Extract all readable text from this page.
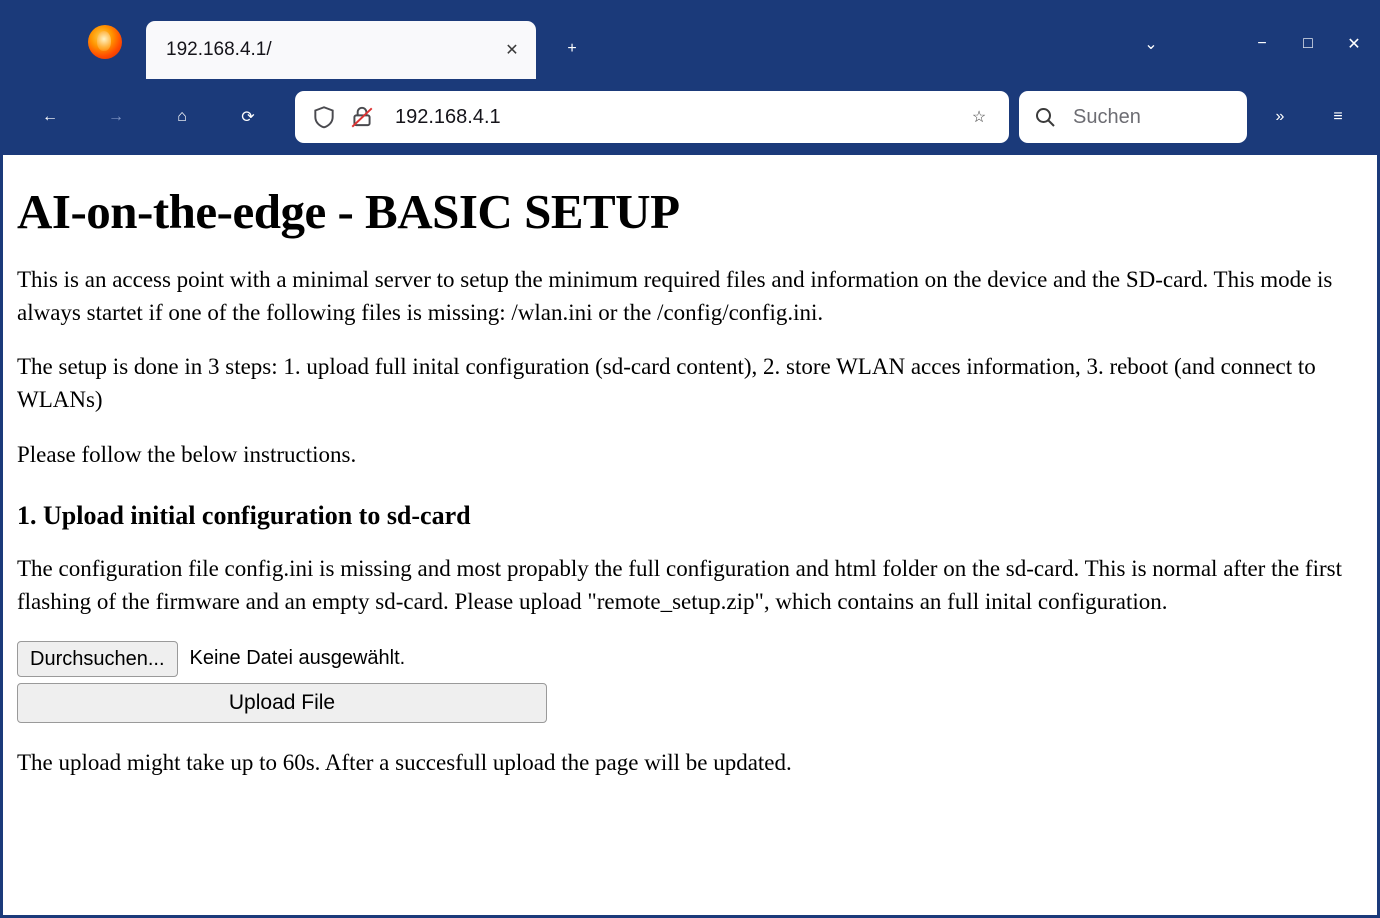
192.168.4.1/	✕	+	⌄	−	□	✕
←	→	⌂	⟳	192.168.4.1	☆	Suchen	»	≡
AI-on-the-edge - BASIC SETUP

This is an access point with a minimal server to setup the minimum required files and information on the device and the SD-card. This mode is always startet if one of the following files is missing: /wlan.ini or the /config/config.ini.

The setup is done in 3 steps: 1. upload full inital configuration (sd-card content), 2. store WLAN acces information, 3. reboot (and connect to WLANs)

Please follow the below instructions.

1. Upload initial configuration to sd-card

The configuration file config.ini is missing and most propably the full configuration and html folder on the sd-card. This is normal after the first flashing of the firmware and an empty sd-card. Please upload "remote_setup.zip", which contains an full inital configuration.

Durchsuchen...	Keine Datei ausgewählt.
Upload File

The upload might take up to 60s. After a succesfull upload the page will be updated.
